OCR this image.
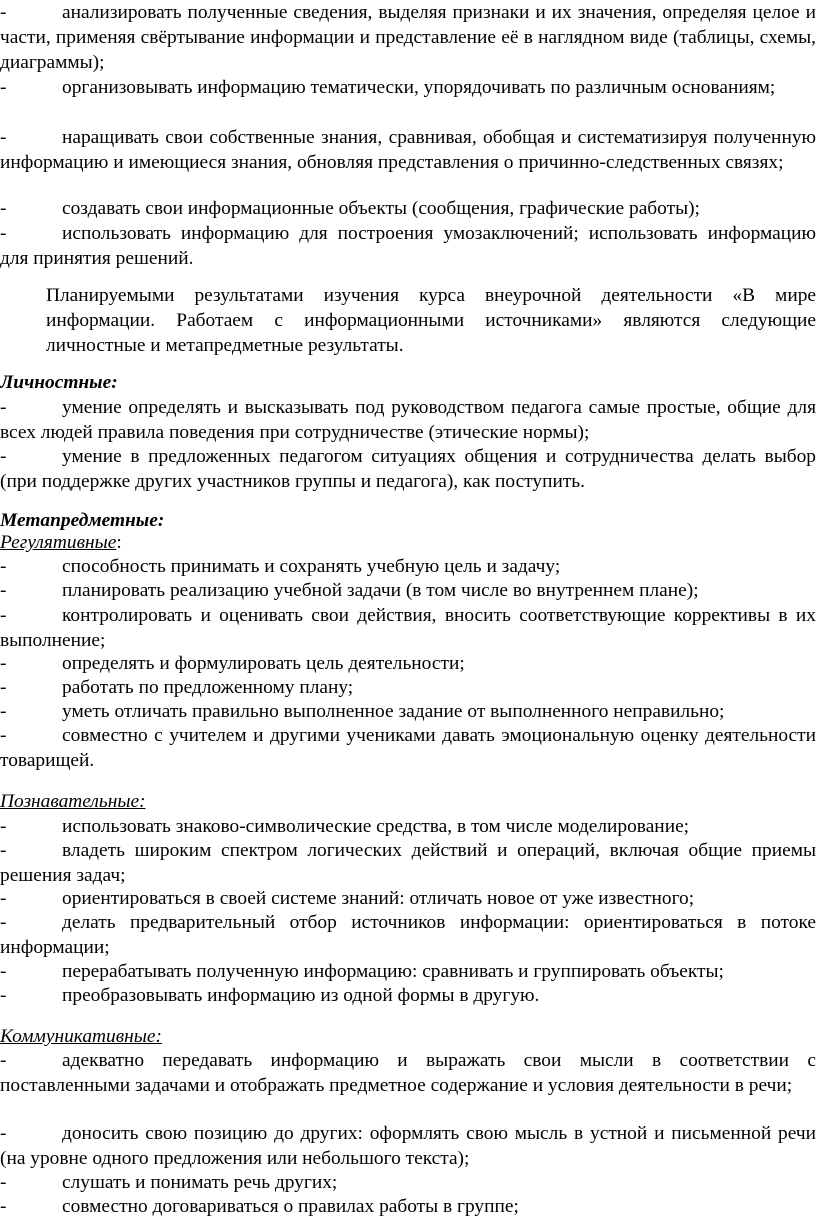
-	анализировать полученные сведения, выделяя признаки и их значения, определяя целое и части, применяя свёртывание информации и представление её в наглядном виде (таблицы, схемы, диаграммы);
-	организовывать информацию тематически, упорядочивать по различным основаниям;
-	наращивать свои собственные знания, сравнивая, обобщая и систематизируя полученную информацию и имеющиеся знания, обновляя представления о причинно-следственных связях;
-	создавать свои информационные объекты (сообщения, графические работы);
-	использовать информацию для построения умозаключений; использовать информацию для принятия решений.
Планируемыми результатами изучения курса внеурочной деятельности «В мире информации. Работаем с информационными источниками» являются следующие личностные и метапредметные результаты.
Личностные:
-	умение определять и высказывать под руководством педагога самые простые, общие для всех людей правила поведения при сотрудничестве (этические нормы);
-	умение в предложенных педагогом ситуациях общения и сотрудничества делать выбор (при поддержке других участников группы и педагога), как поступить.
Метапредметные:
Регулятивные:
-	способность принимать и сохранять учебную цель и задачу;
-	планировать реализацию учебной задачи (в том числе во внутреннем плане);
-	контролировать и оценивать свои действия, вносить соответствующие коррективы в их выполнение;
-	определять и формулировать цель деятельности;
-	работать по предложенному плану;
-	уметь отличать правильно выполненное задание от выполненного неправильно;
-	совместно с учителем и другими учениками давать эмоциональную оценку деятельности товарищей.
Познавательные:
-	использовать знаково-символические средства, в том числе моделирование;
-	владеть широким спектром логических действий и операций, включая общие приемы решения задач;
-	ориентироваться в своей системе знаний: отличать новое от уже известного;
-	делать предварительный отбор источников информации: ориентироваться в потоке информации;
-	перерабатывать полученную информацию: сравнивать и группировать объекты;
-	преобразовывать информацию из одной формы в другую.
Коммуникативные:
-	адекватно передавать информацию и выражать свои мысли в соответствии с поставленными задачами и отображать предметное содержание и условия деятельности в речи;
-	доносить свою позицию до других: оформлять свою мысль в устной и письменной речи (на уровне одного предложения или небольшого текста);
-	слушать и понимать речь других;
-	совместно договариваться о правилах работы в группе;
